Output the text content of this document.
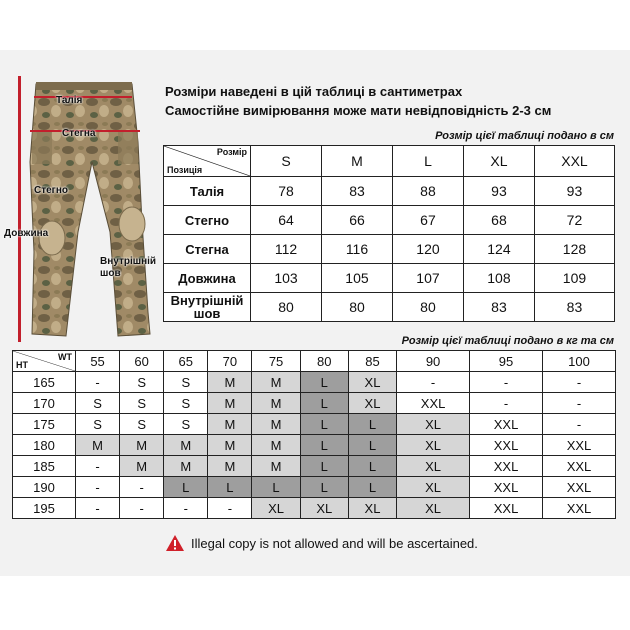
Талія
Стегна
Стегно
Довжина
Внутрішній шов
Розміри наведені в цій таблиці в сантиметрах
Самостійне вимірювання може мати невідповідність 2-3 см
Розмір цієї таблиці подано в см
Розмір
Позиція	S	M	L	XL	XXL
Талія	78	83	88	93	93
Стегно	64	66	67	68	72
Стегна	112	116	120	124	128
Довжина	103	105	107	108	109
Внутрішній шов	80	80	80	83	83
Розмір цієї таблиці подано в кг та см
WT
HT	55	60	65	70	75	80	85	90	95	100
165	-	S	S	M	M	L	XL	-	-	-
170	S	S	S	M	M	L	XL	XXL	-	-
175	S	S	S	M	M	L	L	XL	XXL	-
180	M	M	M	M	M	L	L	XL	XXL	XXL
185	-	M	M	M	M	L	L	XL	XXL	XXL
190	-	-	L	L	L	L	L	XL	XXL	XXL
195	-	-	-	-	XL	XL	XL	XL	XXL	XXL
Illegal copy is not allowed and will be ascertained.
